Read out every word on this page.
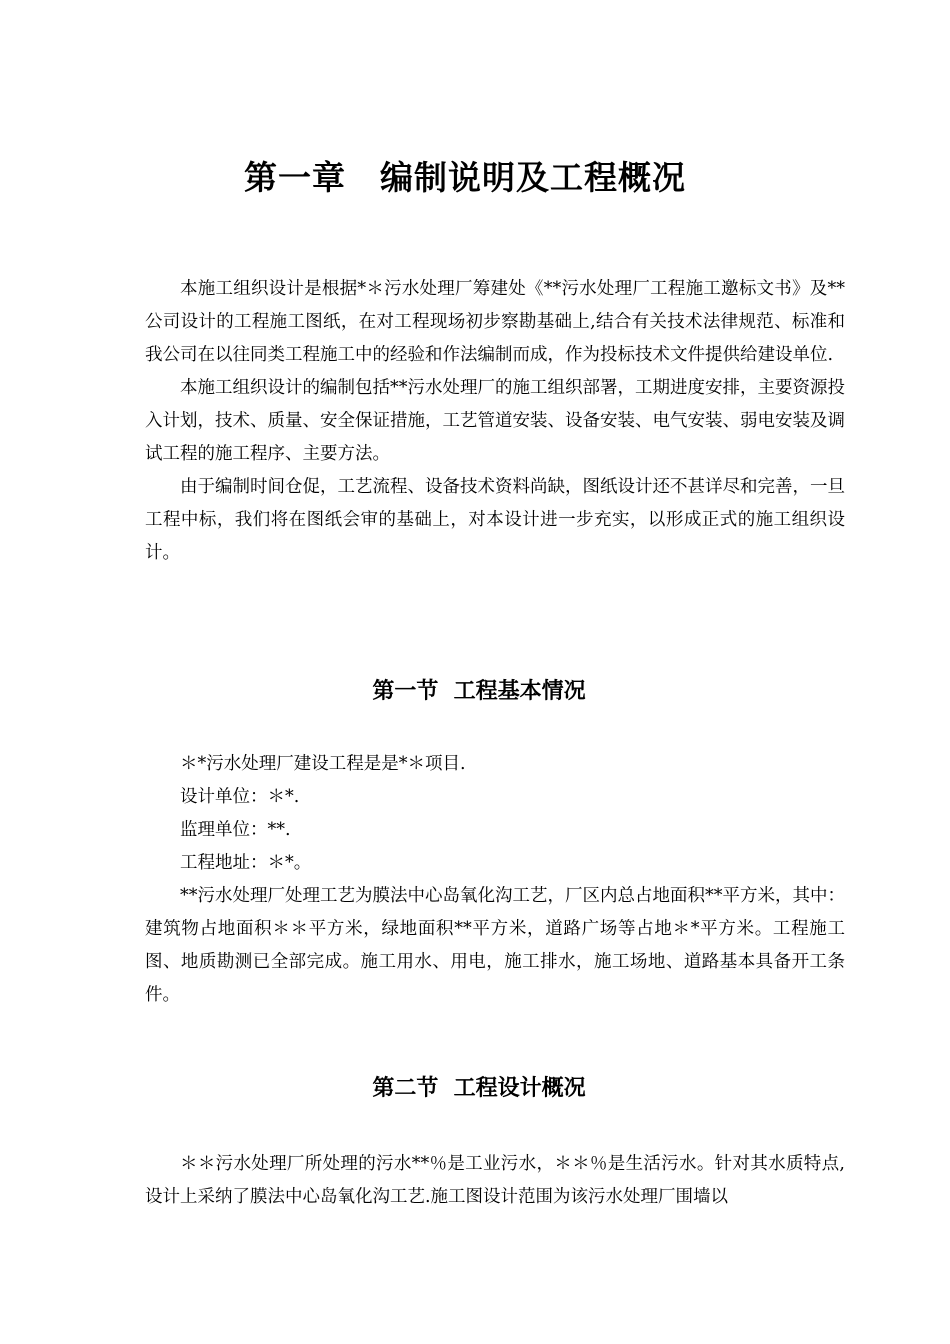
第一章　编制说明及工程概况

本施工组织设计是根据*＊污水处理厂筹建处《**污水处理厂工程施工邀标文书》及**公司设计的工程施工图纸，在对工程现场初步察勘基础上,结合有关技术法律规范、标准和我公司在以往同类工程施工中的经验和作法编制而成，作为投标技术文件提供给建设单位.

本施工组织设计的编制包括**污水处理厂的施工组织部署，工期进度安排，主要资源投入计划，技术、质量、安全保证措施，工艺管道安装、设备安装、电气安装、弱电安装及调试工程的施工程序、主要方法。

由于编制时间仓促，工艺流程、设备技术资料尚缺，图纸设计还不甚详尽和完善，一旦工程中标，我们将在图纸会审的基础上，对本设计进一步充实，以形成正式的施工组织设计。

第一节  工程基本情况

＊*污水处理厂建设工程是是*＊项目.

设计单位：＊*.

监理单位：**.

工程地址：＊*。

**污水处理厂处理工艺为膜法中心岛氧化沟工艺，厂区内总占地面积**平方米，其中：建筑物占地面积＊＊平方米，绿地面积**平方米，道路广场等占地＊*平方米。工程施工图、地质勘测已全部完成。施工用水、用电，施工排水，施工场地、道路基本具备开工条件。

第二节  工程设计概况

＊＊污水处理厂所处理的污水**％是工业污水，＊＊％是生活污水。针对其水质特点,设计上采纳了膜法中心岛氧化沟工艺.施工图设计范围为该污水处理厂围墙以
